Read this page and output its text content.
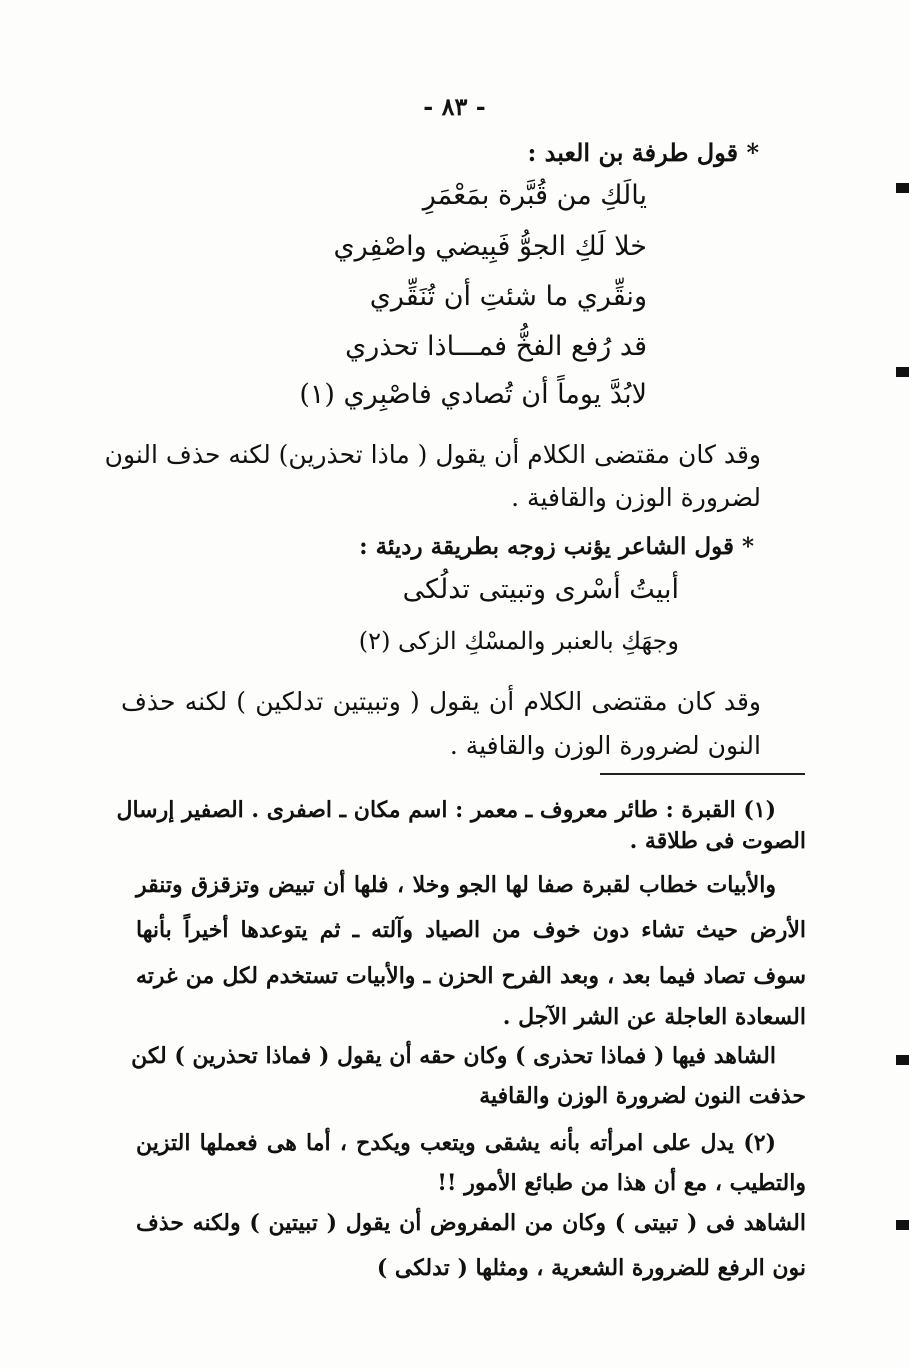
- ٨٣ -
* قول طرفة بن العبد :
يالَكِ من قُبَّرة بمَعْمَرِ
خلا لَكِ الجوُّ فَبِيضي واصْفِري
ونقِّري ما شئتِ أن تُنَقِّري
قد رُفع الفخُّ فمـــاذا تحذري
لابُدَّ يوماً أن تُصادي فاصْبِري (١)
وقد كان مقتضى الكلام أن يقول ( ماذا تحذرين) لكنه حذف النون
لضرورة الوزن والقافية .
* قول الشاعر يؤنب زوجه بطريقة رديئة :
أبيتُ أسْرى وتبيتى تدلُكى
وجهَكِ بالعنبر والمسْكِ الزكى (٢)
وقد كان مقتضى الكلام أن يقول ( وتبيتين تدلكين ) لكنه حذف
النون لضرورة الوزن والقافية .
(١) القبرة : طائر معروف ـ معمر : اسم مكان ـ اصفرى . الصفير إرسال
الصوت فى طلاقة .
والأبيات خطاب لقبرة صفا لها الجو وخلا ، فلها أن تبيض وتزقزق وتنقر
الأرض حيث تشاء دون خوف من الصياد وآلته ـ ثم يتوعدها أخيراً بأنها
سوف تصاد فيما بعد ، وبعد الفرح الحزن ـ والأبيات تستخدم لكل من غرته
السعادة العاجلة عن الشر الآجل .
الشاهد فيها ( فماذا تحذرى ) وكان حقه أن يقول ( فماذا تحذرين ) لكن
حذفت النون لضرورة الوزن والقافية
(٢) يدل على امرأته بأنه يشقى ويتعب ويكدح ، أما هى فعملها التزين
والتطيب ، مع أن هذا من طبائع الأمور !!
الشاهد فى ( تبيتى ) وكان من المفروض أن يقول ( تبيتين ) ولكنه حذف
نون الرفع للضرورة الشعرية ، ومثلها ( تدلكى )
